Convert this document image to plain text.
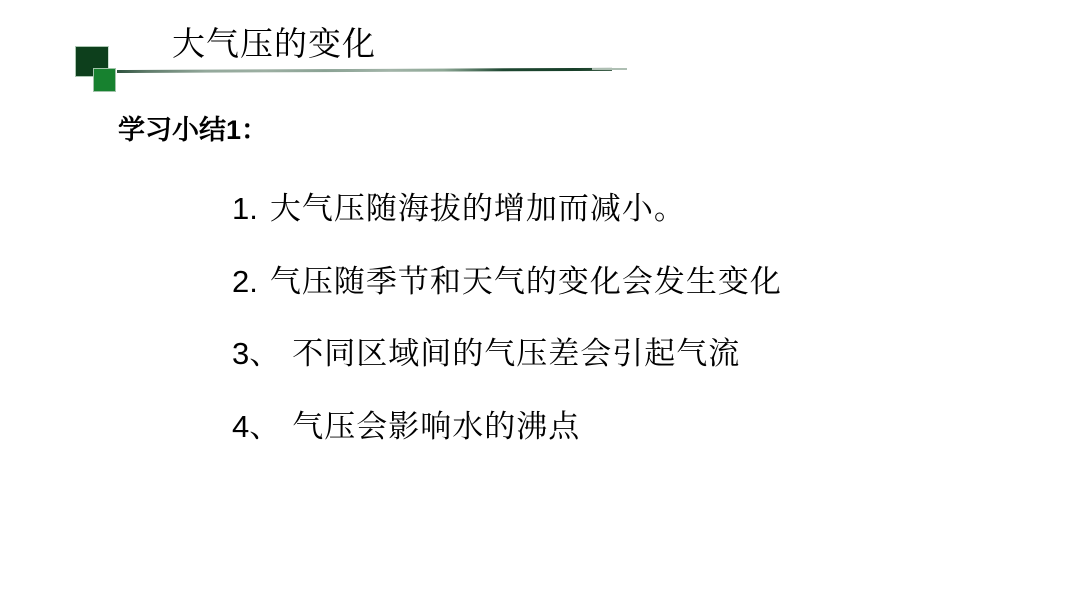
大气压的变化
学习小结1：
1. 大气压随海拔的增加而减小。
2. 气压随季节和天气的变化会发生变化
3、 不同区域间的气压差会引起气流
4、 气压会影响水的沸点
